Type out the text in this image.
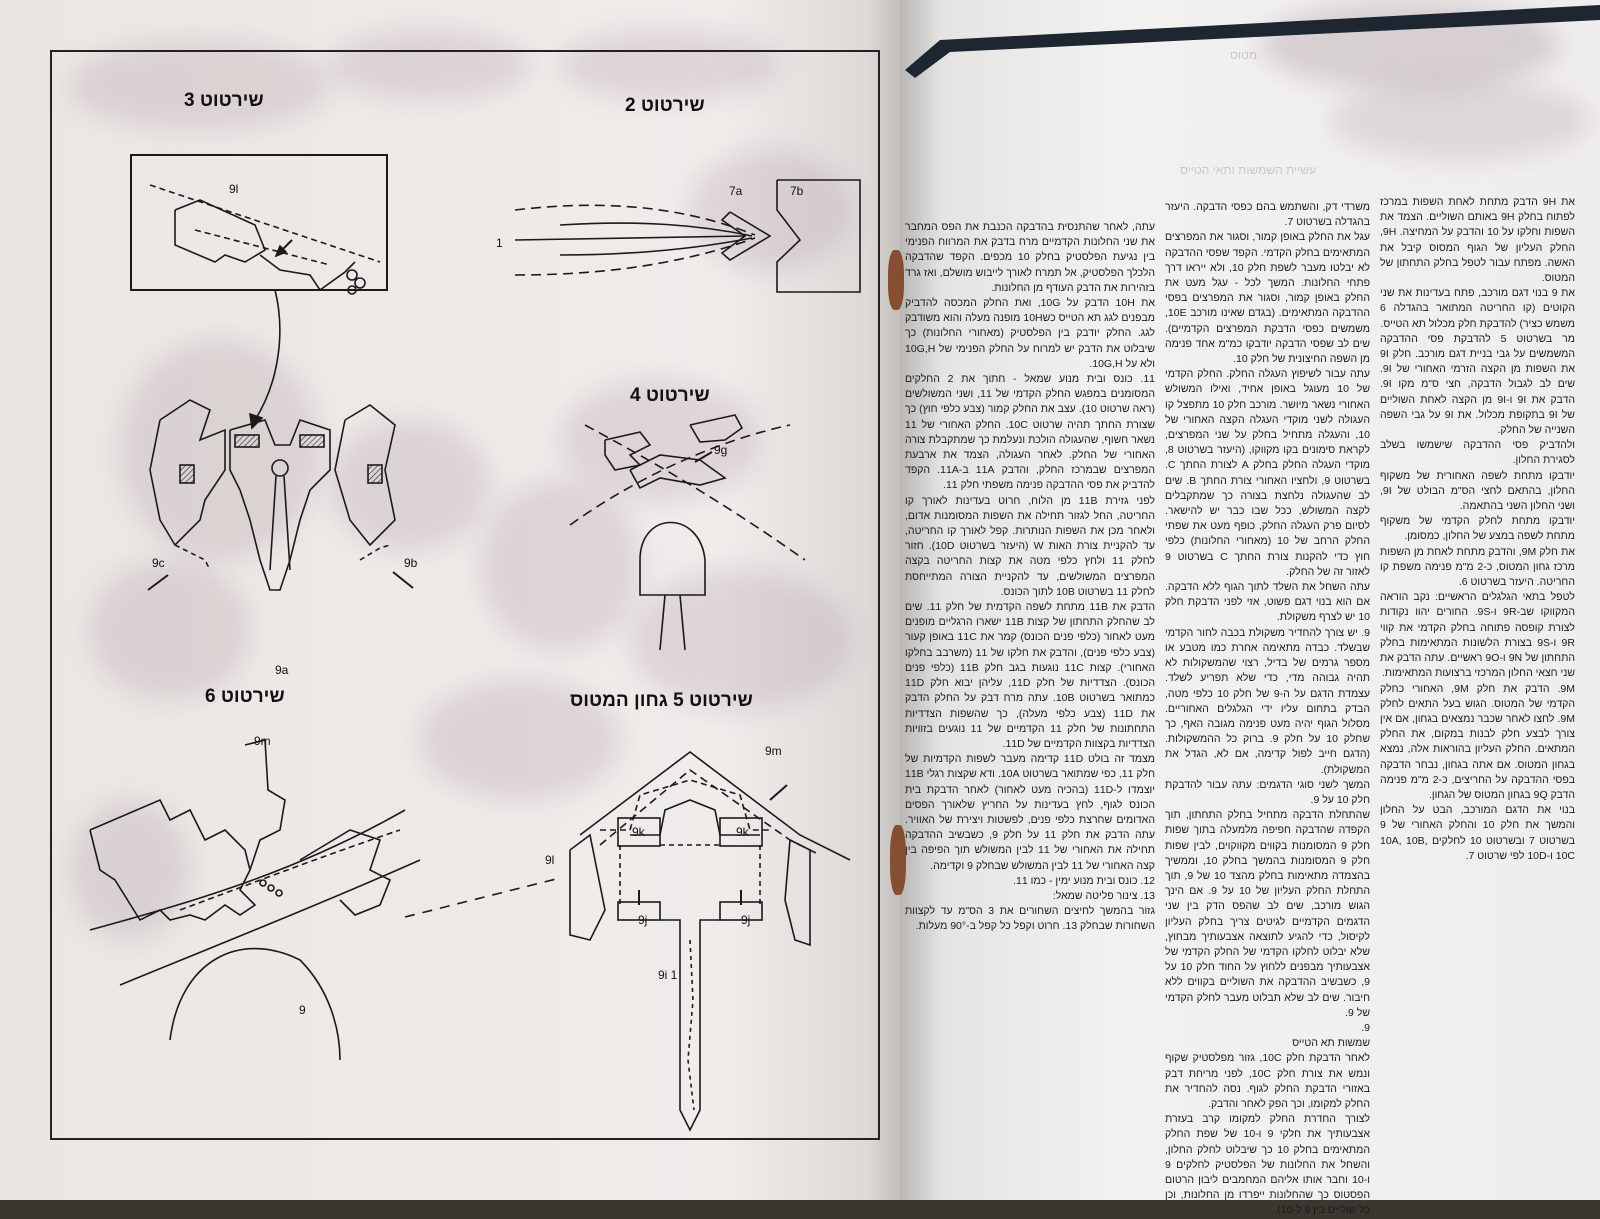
שירטוט 3	שירטוט 2
שירטוט 4
שירטוט 6	שירטוט 5 גחון המטוס
9l
9a
9b
9c
7a	7b
1
9g
9m
9
9m
9l
9k	9k
9j	9j
9i 1
מטוס
עשיית השמשות ותאי הטייס

עתה, לאחר שהתנסית בהדבקה הכנבת את הפס המחבר את שני החלונות הקדמיים מרח בדבק את המרווח הפנימי בין נגיעת הפלסטיק בחלק 10 מכפים. הקפד שהדבקה הלכלך הפלסטיק, אל תמרח לאורך לייבוש מושלם, ואז גרד בזהירות את הדבק העודף מן החלונות.

את 10H הדבק על 10G, ואת החלק המכסה להדביק מבפנים לגג תא הטייס כש10H מופנה מעלה והוא משודבק לגג. החלק יודבק בין הפלסטיק (מאחורי החלונות) כך שיבלוט את הדבק יש למרוח על החלק הפנימי של 10G,H ולא על 10G,H.

11. כונס ובית מנוע שמאל - חתוך את 2 החלקים המסומנים במפגש החלק הקדמי של 11, ושני המשולשים (ראה שרטוט 10). עצב את החלק קמור (צבע כלפי חוץ) כך שצורת החתך תהיה שרטוט 10C. החלק האחורי של 11 נשאר חשוף, שהעגולה הולכת ונעלמת כך שמתקבלת צורה האחורי של החלק. לאחר העגולה, הצמד את ארבעת המפרצים שבמרכז החלק, והדבק 11A ב-11A. הקפד להדביק את פסי ההדבקה פנימה משפתי חלק 11.

לפני גזירת 11B מן הלוח, חרוט בעדינות לאורך קו החריטה, החל לגזור תחילה את השפות המסומנות אדום, ולאחר מכן את השפות הנותרות. קפל לאורך קו החריטה, עד להקניית צורת האות W (היעזר בשרטוט 10D). חזור לחלק 11 ולחץ כלפי מטה את קצות החריטה בקצה המפרצים המשולשים, עד להקניית הצורה המתייחסת לחלק 11 בשרטוט 10B לתוך הכונס.

הדבק את 11B מתחת לשפה הקדמית של חלק 11. שים לב שהחלק התחתון של קצות 11B ישארו הרגליים מופנים מעט לאחור (כלפי פנים הכונס) קמר את 11C באופן קעור (צבע כלפי פנים), והדבק את חלקו של 11 (משרבב בחלקו האחורי). קצות 11C נוגעות בגב חלק 11B (כלפי פנים הכונס). הצדדיות של חלק 11D, עליהן יבוא חלק 11D כמתואר בשרטוט 10B. עתה מרח דבק על החלק הדבק את 11D (צבע כלפי מעלה), כך שהשפות הצדדיות התחתונות של חלק 11 הקדמיים של 11 נוגעים בזוויות הצדדיות בקצוות הקדמיים של 11D.

מצמד זה בולט 11D קדימה מעבר לשפות הקדמיות של חלק 11, כפי שמתואר בשרטוט 10A. ודא שקצות רגלי 11B יוצמדו ל-11D (בהכיה מעט לאחור) לאחר הדבקת בית הכונס לגוף, לחץ בעדינות על החריץ שלאורך הפסים האדומים שחרצת כלפי פנים, לפשטות ויצירת של האוויר. עתה הדבק את חלק 11 על חלק 9, כשבשיב ההדבקה תחילה את האחורי של 11 לבין המשולש תוך הפיפה בין קצה האחורי של 11 לבין המשולש שבחלק 9 וקדימה.

12. כונס ובית מנוע ימין - כמו 11.

13. צינור פליטה שמאל:

גזור בהמשך לחיצים השחורים את 3 הס"מ עד לקצוות השחורות שבחלק 13. חרוט וקפל כל קפל ב-90° מעלות.

משרדי דק, והשתמש בהם כפסי הדבקה. היעזר בהגדלה בשרטוט 7.

עגל את החלק באופן קמור, וסגור את המפרצים המתאימים בחלק הקדמי. הקפד שפסי ההדבקה לא יבלטו מעבר לשפת חלק 10, ולא ייראו דרך פתחי החלונות. המשך לכל - עגל מעט את החלק באופן קמור, וסגור את המפרצים בפסי ההדבקה המתאימים. (בגדם שאינו מורכב 10E, משמשים כפסי הדבקת המפרצים הקדמיים). שים לב שפסי הדבקה יודבקו כמ"מ אחד פנימה מן השפה החיצונית של חלק 10.

עתה עבור לשיפוץ העגלה החלק. החלק הקדמי של 10 מעוגל באופן אחיד, ואילו המשולש האחורי נשאר מיושר. מורכב חלק 10 מתפצל קו העגולה לשני מוקדי העגלה הקצה האחורי של 10, והעגלה מתחיל בחלק על שני המפרצים, לקראת סימונים בקו מקווקו, (היעזר בשרטוט 8, מוקדי העגלה החלק בחלק A לצורת החתך C. בשרטוט 9, ולחציו האחורי צורת החתך B. שים לב שהעגולה נלחצת בצורה כך שמתקבלים לקצה המשולש, ככל שבו כבר יש להישאר. לסיום פרק העגלה החלק, כופף מעט את שפתי החלק הרחב של 10 (מאחורי החלונות) כלפי חוץ כדי להקנות צורת החתך C בשרטוט 9 לאזור זה של החלק.

עתה השחל את השלד לתוך הגוף ללא הדבקה. אם הוא בנוי דגם פשוט, אזי לפני הדבקת חלק 10 יש לצרף משקולת.

9. יש צורך להחדיר משקולת בכבה לחור הקדמי שבשלד. כבדה מתאימה אחרת כמו מטבע או מספר גרמים של בדיל, רצוי שהמשקולות לא תהיה גבוהה מדי, כדי שלא תפריע לשלד. עצמדת הדגם על ה-9 של חלק 10 כלפי מטה, הבדק בתחום עליו ידי הגלגלים האחוריים. מסלול הגוף יהיה מעט פנימה מגובה האף, כך שחלק 10 על חלק 9. ברוק כל ההמשקולות. (הדגם חייב לפול קדימה, אם לא, הגדל את המשקולת).

המשך לשני סוגי הדגמים: עתה עבור להדבקת חלק 10 על 9.

שהתחלת הדבקה מתחיל בחלק התחתון, תוך הקפדה שהדבקה חפיפה מלמעלה בתוך שפות חלק 9 המסומנות בקווים מקווקוים, לבין שפות חלק 9 המסומנות בהמשך בחלק 10, וממשיך בהצמדה מתאימות בחלק מהצד 10 של 9, תוך התחלת החלק העליון של 10 על 9. אם הינך הגוש מורכב, שים לב שהפס הדק בין שני הדגמים הקדמיים לגיטים צריך בחלק העליון לקיסול, כדי להגיע לתוצאה אצבעותיך מבחוץ, שלא יבלוט לחלקו הקדמי של החלק הקדמי של אצבעותיך מבפנים ללחוץ על החוד חלק 10 על 9, כשבשיב ההדבקה את השוליים בקווים ללא חיבור. שים לב שלא תבלוט מעבר לחלק הקדמי של 9.

9.

שמשות תא הטייס

לאחר הדבקת חלק 10C, גזור מפלסטיק שקוף ונמש את צורת חלק 10C, לפני מריחת דבק באזורי הדבקת החלק לגוף. נסה להחדיר את החלק למקומו, וכך הפק לאחר והדבק.

לצורך החדרת החלק למקומו קרב בעזרת אצבעותיך את חלקי 9 ו-10 של שפת החלק המתאימים בחלק 10 כך שיבלוט לחלק החלון, והשחל את החלונות של הפלסטיק לחלקים 9 ו-10 וחבר אותו אליהם המחמבים ליבון הרטום הפסטוס כך שהחלונות ייפרדו מן החלונות, וכן כל שוליים בין 9 ל-10).

את 9H הדבק מתחת לאחת השפות במרכז לפתוח בחלק 9H באותם השוליים. הצמד את השפות וחלקו על 10 והדבק על המחיצה. 9H, החלק העליון של הגוף המסוס קיבל את האשה. מפתח עבור לטפל בחלק התחתון של המטוס.

את 9 בנוי דגם מורכב, פתח בעדינות את שני הקוטים (קו החריטה המתואר בהגדלה 6 משמש כציר) להדבקת חלק מכלול תא הטייס.

מר בשרטוט 5 להדבקת פסי ההדבקה המשמשים על גבי בניית דגם מורכב. חלק 9I את השפות מן הקצה הזרמי האחורי של 9I. שים לב לגבול הדבקה, חצי ס"מ מקו 9I. הדבק את 9I ו-9I מן הקצה לאחת השוליים של 9I בתקופת מכלול. את 9I על גבי השפה השנייה של החלק.

ולהדביק פסי ההדבקה שישמשו בשלב לסגירת החלון.

יודבקו מתחת לשפה האחורית של משקוף החלון, בהתאם לחצי הס"מ הבולט של 9I, ושני החלון השני בהתאמה.

יודבקו מתחת לחלק הקדמי של משקוף מתחת לשפה במצע של החלון, כמסומן.

את חלק 9M, והדבק מתחת לאחת מן השפות מרכז גחון המטוס, כ-2 מ"מ פנימה משפת קו החריטה. היעזר בשרטוט 6.

לטפל בתאי הגלגלים הראשיים: נקב הוראה המקווקו שב-9R ו-9S. החורים יהוו נקודות לצורת קופסה פתוחה בחלק הקדמי את קווי 9R ו-9S בצורת הלשונות המתאימות בחלק התחתון של 9N ו-9O ראשיים. עתה הדבק את שני חצאי החלון המרכזי ברצועות המתאימות.

9M. הדבק את חלק 9M, האחורי כחלק הקדמי של המטוס. הגוש בעל התאים לחלק 9M. לחצו לאחר שכבר נמצאים בגחון, אם אין צורך לבצע חלק לבנות במקום, את החלק המתאים. החלק העליון בהוראות אלה, נמצא בגחון המטוס. אם אתה בגחון, נבחר הדבקה בפסי ההדבקה על החריצים, כ-2 מ"מ פנימה הדבק 9Q בגחון המטוס של הגחון.

בנוי את הדגם המורכב, הבט על החלון והמשך את חלק 10 והחלק האחורי של 9 בשרטוט 7 ובשרטוט 10 לחלקים 10A, 10B, 10C ו-10D לפי שרטוט 7.
